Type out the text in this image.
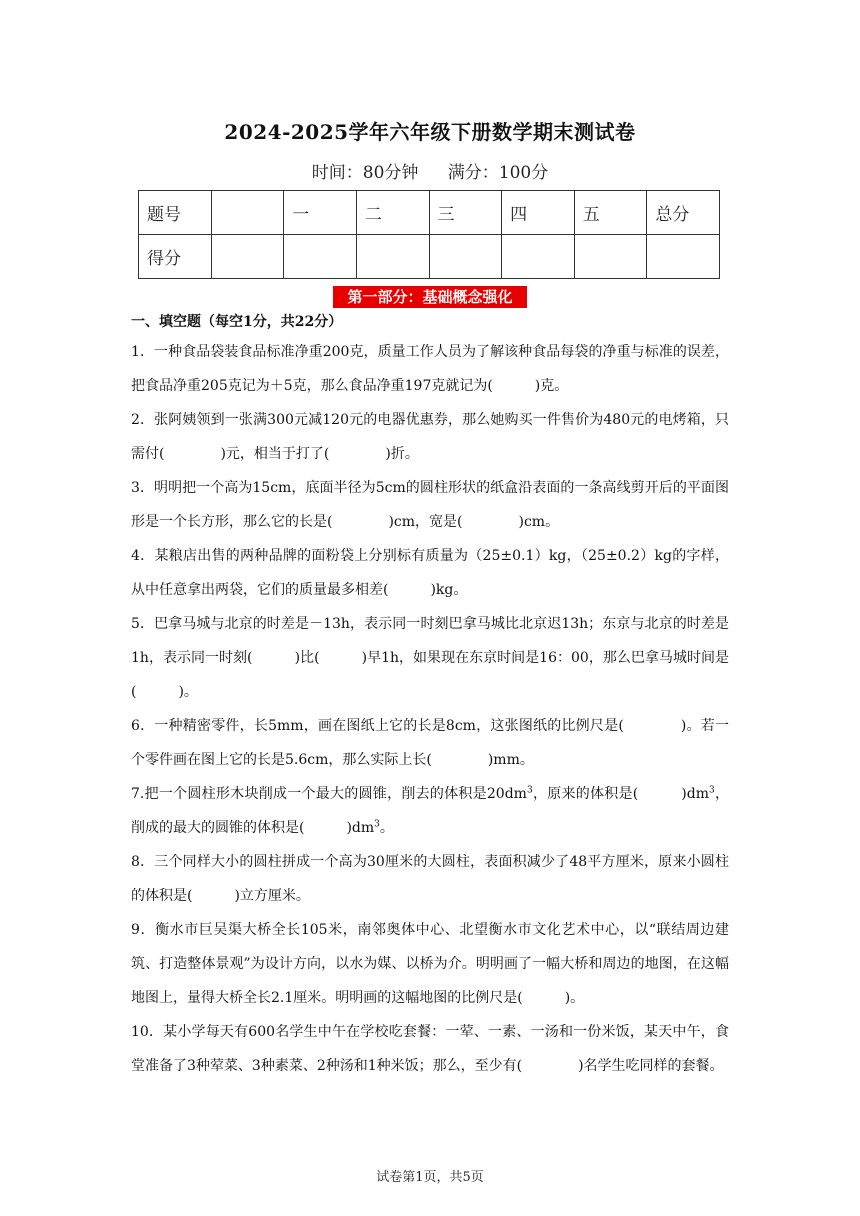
2024-2025学年六年级下册数学期末测试卷
时间：80分钟 满分：100分
题号		一	二	三	四	五	总分
得分							
第一部分：基础概念强化
一、填空题（每空1分，共22分）
1．一种食品袋装食品标准净重200克，质量工作人员为了解该种食品每袋的净重与标准的误差，把食品净重205克记为＋5克，那么食品净重197克就记为(　　　)克。
2．张阿姨领到一张满300元减120元的电器优惠券，那么她购买一件售价为480元的电烤箱，只需付(　　　　)元，相当于打了(　　　　)折。
3．明明把一个高为15cm，底面半径为5cm的圆柱形状的纸盒沿表面的一条高线剪开后的平面图形是一个长方形，那么它的长是(　　　　)cm，宽是(　　　　)cm。
4．某粮店出售的两种品牌的面粉袋上分别标有质量为（25±0.1）kg，（25±0.2）kg的字样，从中任意拿出两袋，它们的质量最多相差(　　　)kg。
5．巴拿马城与北京的时差是－13h，表示同一时刻巴拿马城比北京迟13h；东京与北京的时差是1h，表示同一时刻(　　　)比(　　　)早1h，如果现在东京时间是16：00，那么巴拿马城时间是(　　　)。
6．一种精密零件，长5mm，画在图纸上它的长是8cm，这张图纸的比例尺是(　　　　)。若一个零件画在图上它的长是5.6cm，那么实际上长(　　　　)mm。
7.把一个圆柱形木块削成一个最大的圆锥，削去的体积是$20dm^3$，原来的体积是(　　　)$dm^3$，削成的最大的圆锥的体积是(　　　)$dm^3$。
8．三个同样大小的圆柱拼成一个高为30厘米的大圆柱，表面积减少了48平方厘米，原来小圆柱的体积是(　　　)立方厘米。
9．衡水市巨吴渠大桥全长105米，南邻奥体中心、北望衡水市文化艺术中心，以“联结周边建筑、打造整体景观”为设计方向，以水为媒、以桥为介。明明画了一幅大桥和周边的地图，在这幅地图上，量得大桥全长2.1厘米。明明画的这幅地图的比例尺是(　　　)。
10．某小学每天有600名学生中午在学校吃套餐：一荤、一素、一汤和一份米饭，某天中午，食堂准备了3种荤菜、3种素菜、2种汤和1种米饭；那么，至少有(　　　　)名学生吃同样的套餐。
试卷第1页，共5页
